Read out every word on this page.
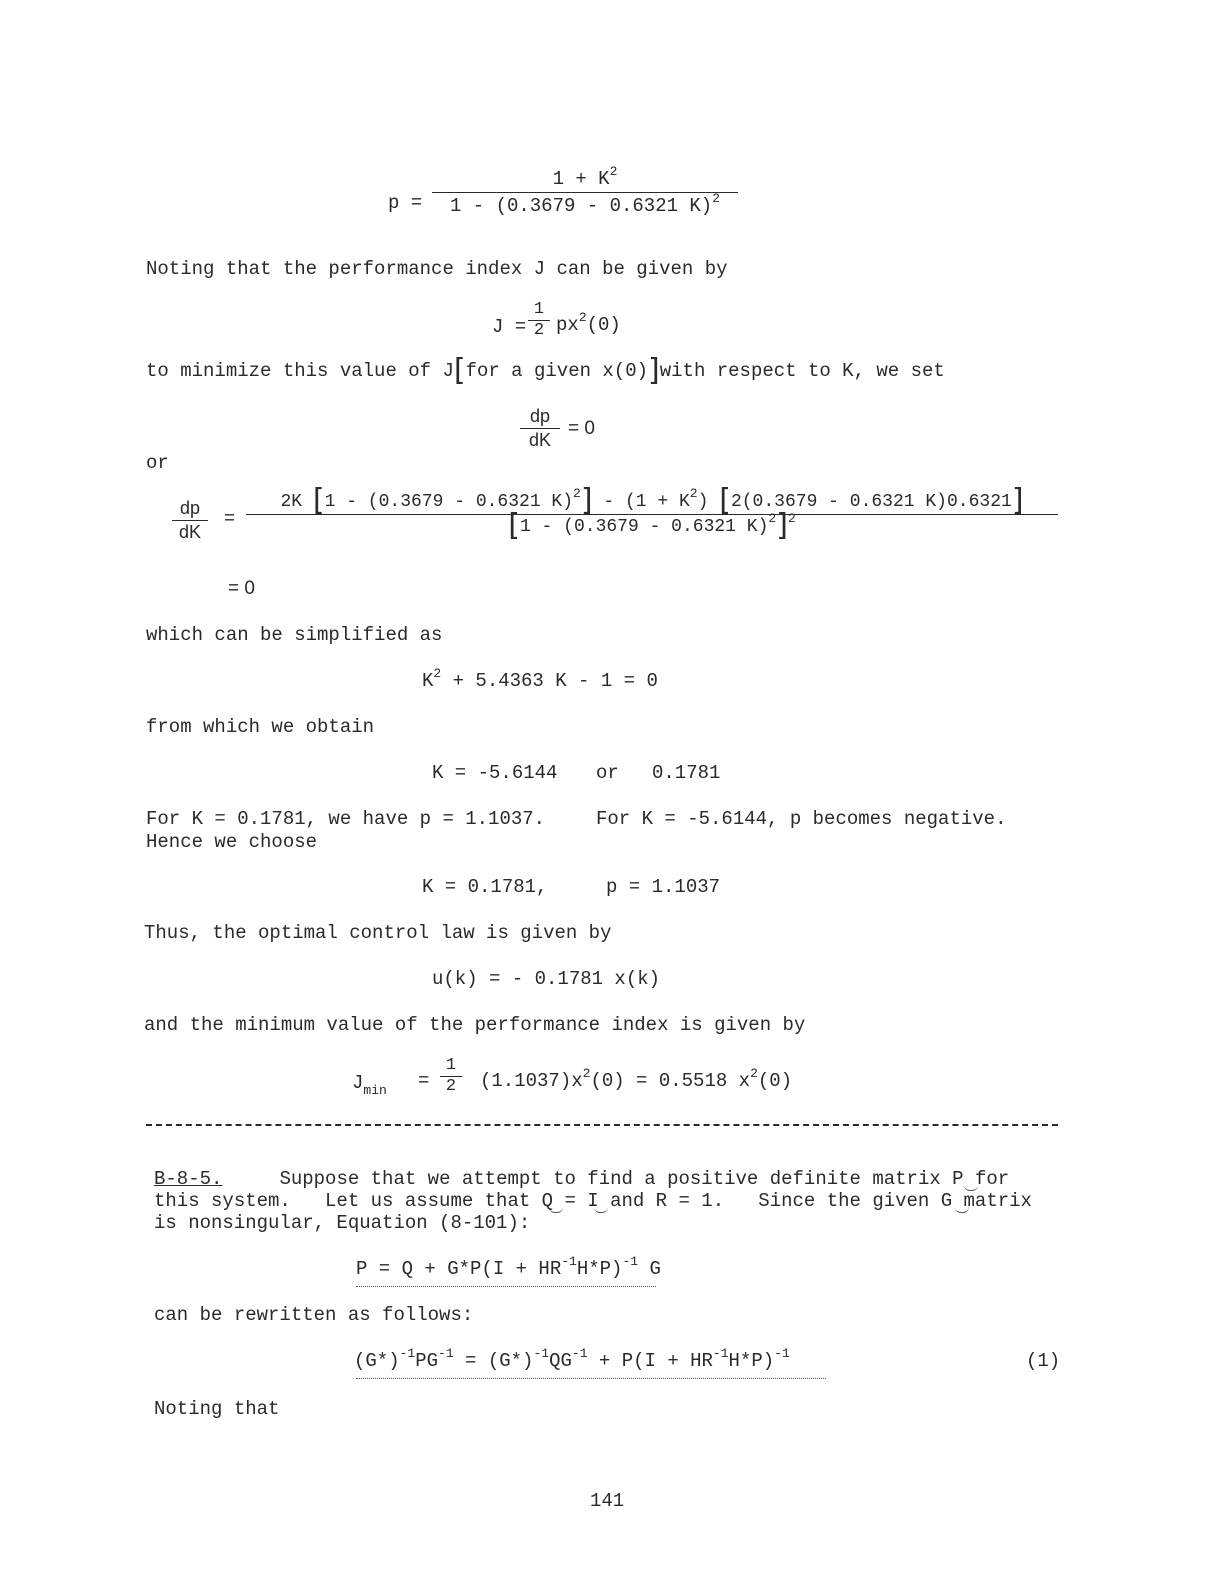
$p = \frac{1 + K^2}{1 - (0.3679 - 0.6321 K)^2}$
Noting that the performance index J can be given by
$J = \frac{1}{2} px^2(0)$
to minimize this value of J[for a given x(0)]with respect to K, we set
$\frac{dp}{dK} = 0$
or
$\frac{dp}{dK}$ =
2K [1 - (0.3679 - 0.6321 $K)^2] - (1 + K^2)$ [2(0.3679 - 0.6321 K)0.6321]
[1 - (0.3679 - 0.6321 K)$^2$]$^2$
= 0
which can be simplified as
$K^2 + 5.4363$ K - 1 = 0
from which we obtain
K = -5.6144 or 0.1781
For K = 0.1781, we have p = 1.1037.	For K = -5.6144, p becomes negative.
Hence we choose
K = 0.1781,	p = 1.1037
Thus, the optimal control law is given by
u(k) = - 0.1781 x(k)
and the minimum value of the performance index is given by
$J_{min} = \frac{1}{2} (1.1037)x^2(0) = 0.5518$ $x^2(0)$
B-8-5.	Suppose that we attempt to find a positive definite matrix P for
this system.   Let us assume that Q = I and R = 1.   Since the given G matrix
is nonsingular, Equation (8-101):
$P = Q + G*P(I + HR^{-1}H*P)^{-1}$ G
can be rewritten as follows:
$(G*)^{-1}PG^{-1} = (G*)^{-1}QG^{-1} + P(I + HR^{-1}H*P)^{-1}$	(1)
Noting that
141
